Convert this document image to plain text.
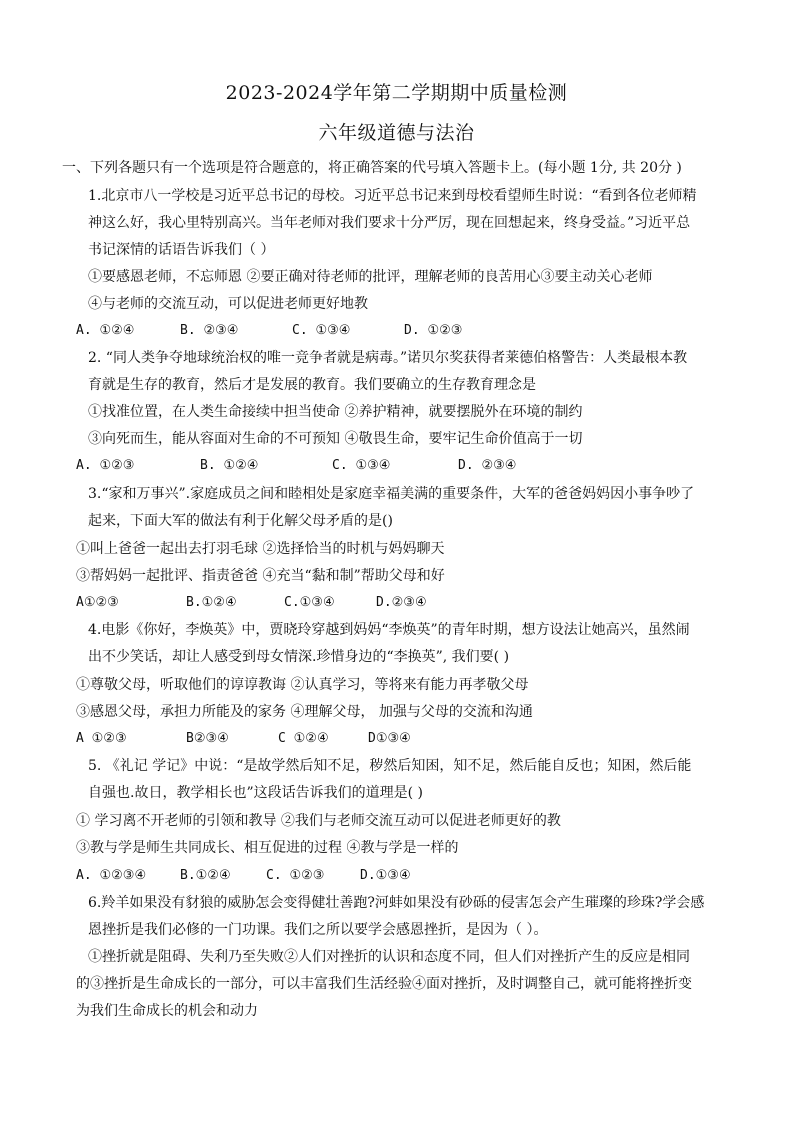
2023-2024学年第二学期期中质量检测
六年级道德与法治
一、下列各题只有一个选项是符合题意的，将正确答案的代号填入答题卡上。(每小题 1分, 共 20分 )
1.北京市八一学校是习近平总书记的母校。习近平总书记来到母校看望师生时说：“看到各位老师精
神这么好，我心里特别高兴。当年老师对我们要求十分严厉，现在回想起来，终身受益。”习近平总
书记深情的话语告诉我们（ ）
①要感恩老师，不忘师恩 ②要正确对待老师的批评，理解老师的良苦用心③要主动关心老师
④与老师的交流互动，可以促进老师更好地教
A. ①②④	B. ②③④	C. ①③④	D. ①②③
2. “同人类争夺地球统治权的唯一竞争者就是病毒。”诺贝尔奖获得者莱德伯格警告：人类最根本教
育就是生存的教育，然后才是发展的教育。我们要确立的生存教育理念是
①找准位置，在人类生命接续中担当使命 ②养护精神，就要摆脱外在环境的制约
③向死而生，能从容面对生命的不可预知 ④敬畏生命，要牢记生命价值高于一切
A. ①②③	B. ①②④	C. ①③④	D. ②③④
3.“家和万事兴”.家庭成员之间和睦相处是家庭幸福美满的重要条件，大军的爸爸妈妈因小事争吵了
起来，下面大军的做法有利于化解父母矛盾的是()
①叫上爸爸一起出去打羽毛球 ②选择恰当的时机与妈妈聊天
③帮妈妈一起批评、指责爸爸 ④充当“黏和制”帮助父母和好
A①②③	B.①②④	C.①③④	D.②③④
4.电影《你好，李焕英》中，贾晓玲穿越到妈妈“李焕英”的青年时期，想方设法让她高兴，虽然闹
出不少笑话，却让人感受到母女情深.珍惜身边的“李换英”, 我们要( )
①尊敬父母，听取他们的谆谆教诲 ②认真学习，等将来有能力再孝敬父母
③感恩父母，承担力所能及的家务 ④理解父母， 加强与父母的交流和沟通
A ①②③	B②③④	C ①②④	D①③④
5. 《礼记 学记》中说：“是故学然后知不足，秽然后知困，知不足，然后能自反也；知困，然后能
自强也.故日，教学相长也”这段话告诉我们的道理是( )
① 学习离不开老师的引领和教导 ②我们与老师交流互动可以促进老师更好的教
③教与学是师生共同成长、相互促进的过程 ④教与学是一样的
A. ①②③④	B.①②④	C. ①②③	D.①③④
6.羚羊如果没有豺狼的威胁怎会变得健壮善跑?河蚌如果没有砂砾的侵害怎会产生璀璨的珍珠?学会感
恩挫折是我们必修的一门功课。我们之所以要学会感恩挫折，是因为（ ）。
①挫折就是阻碍、失利乃至失败②人们对挫折的认识和态度不同，但人们对挫折产生的反应是相同
的③挫折是生命成长的一部分，可以丰富我们生活经验④面对挫折，及时调整自己，就可能将挫折变
为我们生命成长的机会和动力
